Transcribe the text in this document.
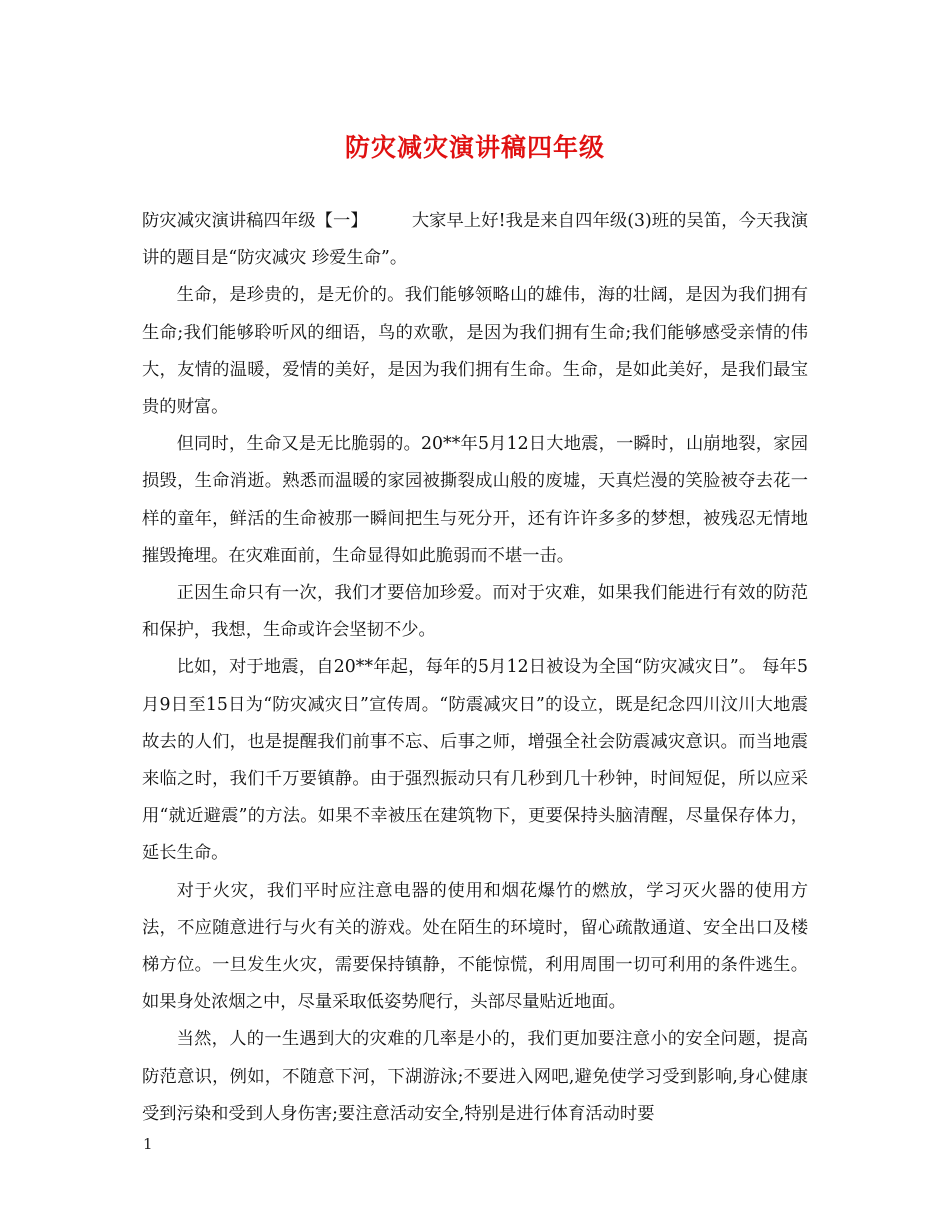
防灾减灾演讲稿四年级

防灾减灾演讲稿四年级【一】	大家早上好!我是来自四年级(3)班的吴笛，今天我演讲的题目是“防灾减灾 珍爱生命”。

生命，是珍贵的，是无价的。我们能够领略山的雄伟，海的壮阔，是因为我们拥有生命;我们能够聆听风的细语，鸟的欢歌，是因为我们拥有生命;我们能够感受亲情的伟大，友情的温暖，爱情的美好，是因为我们拥有生命。生命，是如此美好，是我们最宝贵的财富。

但同时，生命又是无比脆弱的。20**年5月12日大地震，一瞬时，山崩地裂，家园损毁，生命消逝。熟悉而温暖的家园被撕裂成山般的废墟，天真烂漫的笑脸被夺去花一样的童年，鲜活的生命被那一瞬间把生与死分开，还有许许多多的梦想，被残忍无情地摧毁掩埋。在灾难面前，生命显得如此脆弱而不堪一击。

正因生命只有一次，我们才要倍加珍爱。而对于灾难，如果我们能进行有效的防范和保护，我想，生命或许会坚韧不少。

比如，对于地震，自20**年起，每年的5月12日被设为全国“防灾减灾日”。 每年5月9日至15日为“防灾减灾日”宣传周。“防震减灾日”的设立，既是纪念四川汶川大地震故去的人们，也是提醒我们前事不忘、后事之师，增强全社会防震减灾意识。而当地震来临之时，我们千万要镇静。由于强烈振动只有几秒到几十秒钟，时间短促，所以应采用“就近避震”的方法。如果不幸被压在建筑物下，更要保持头脑清醒，尽量保存体力，延长生命。

对于火灾，我们平时应注意电器的使用和烟花爆竹的燃放，学习灭火器的使用方法，不应随意进行与火有关的游戏。处在陌生的环境时，留心疏散通道、安全出口及楼梯方位。一旦发生火灾，需要保持镇静，不能惊慌，利用周围一切可利用的条件逃生。如果身处浓烟之中，尽量采取低姿势爬行，头部尽量贴近地面。

当然，人的一生遇到大的灾难的几率是小的，我们更加要注意小的安全问题，提高防范意识，例如，不随意下河，下湖游泳;不要进入网吧,避免使学习受到影响,身心健康受到污染和受到人身伤害;要注意活动安全,特别是进行体育活动时要

1
